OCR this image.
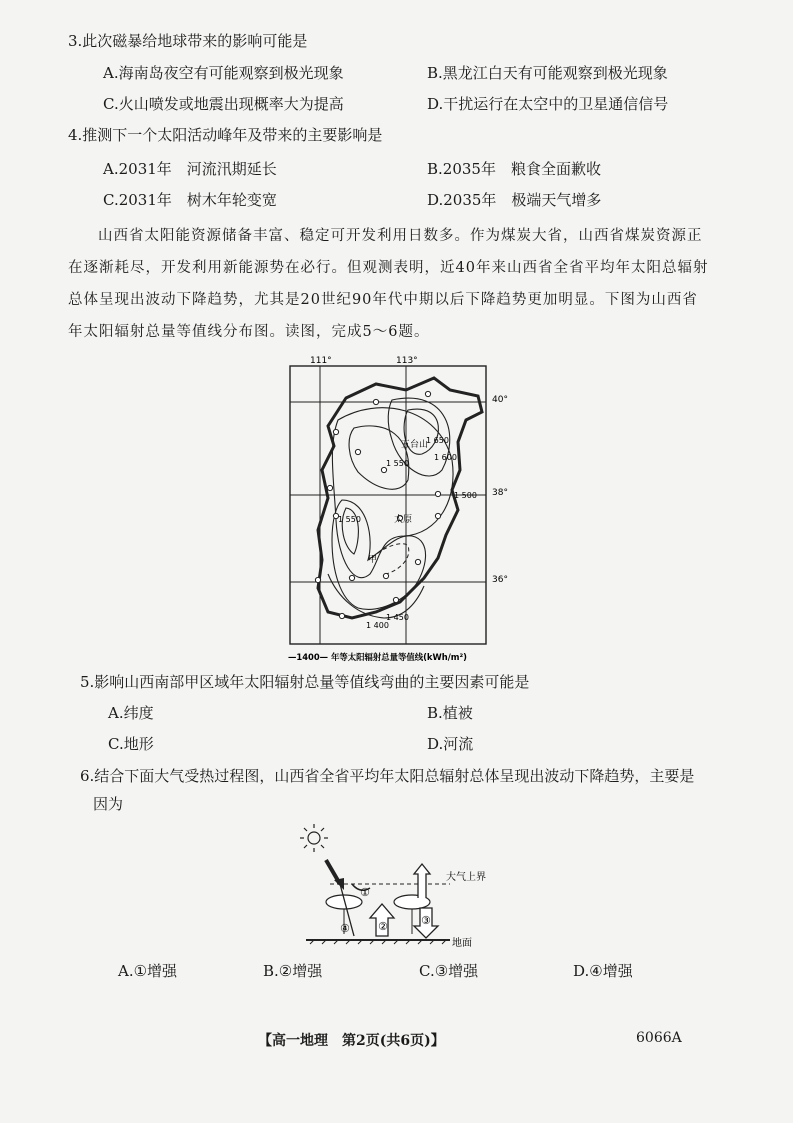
3.此次磁暴给地球带来的影响可能是
A.海南岛夜空有可能观察到极光现象	B.黑龙江白天有可能观察到极光现象
C.火山喷发或地震出现概率大为提高	D.干扰运行在太空中的卫星通信信号
4.推测下一个太阳活动峰年及带来的主要影响是
A.2031年　河流汛期延长	B.2035年　粮食全面歉收
C.2031年　树木年轮变宽	D.2035年　极端天气增多
山西省太阳能资源储备丰富、稳定可开发利用日数多。作为煤炭大省，山西省煤炭资源正
在逐渐耗尽，开发利用新能源势在必行。但观测表明，近40年来山西省全省平均年太阳总辐射
总体呈现出波动下降趋势，尤其是20世纪90年代中期以后下降趋势更加明显。下图为山西省
年太阳辐射总量等值线分布图。读图，完成5～6题。
111°	113°
40°
38°
36°
五台山
太原
甲
1 650
1 600
1 550
1 500
1 550
1 450
1 400
—1400— 年等太阳辐射总量等值线(kWh/m²)
5.影响山西南部甲区域年太阳辐射总量等值线弯曲的主要因素可能是
A.纬度	B.植被
C.地形	D.河流
6.结合下面大气受热过程图，山西省全省平均年太阳总辐射总体呈现出波动下降趋势，主要是
因为
大气上界
①
②	③
④
地面
A.①增强	B.②增强	C.③增强	D.④增强
【高一地理　第2页(共6页)】	6066A
